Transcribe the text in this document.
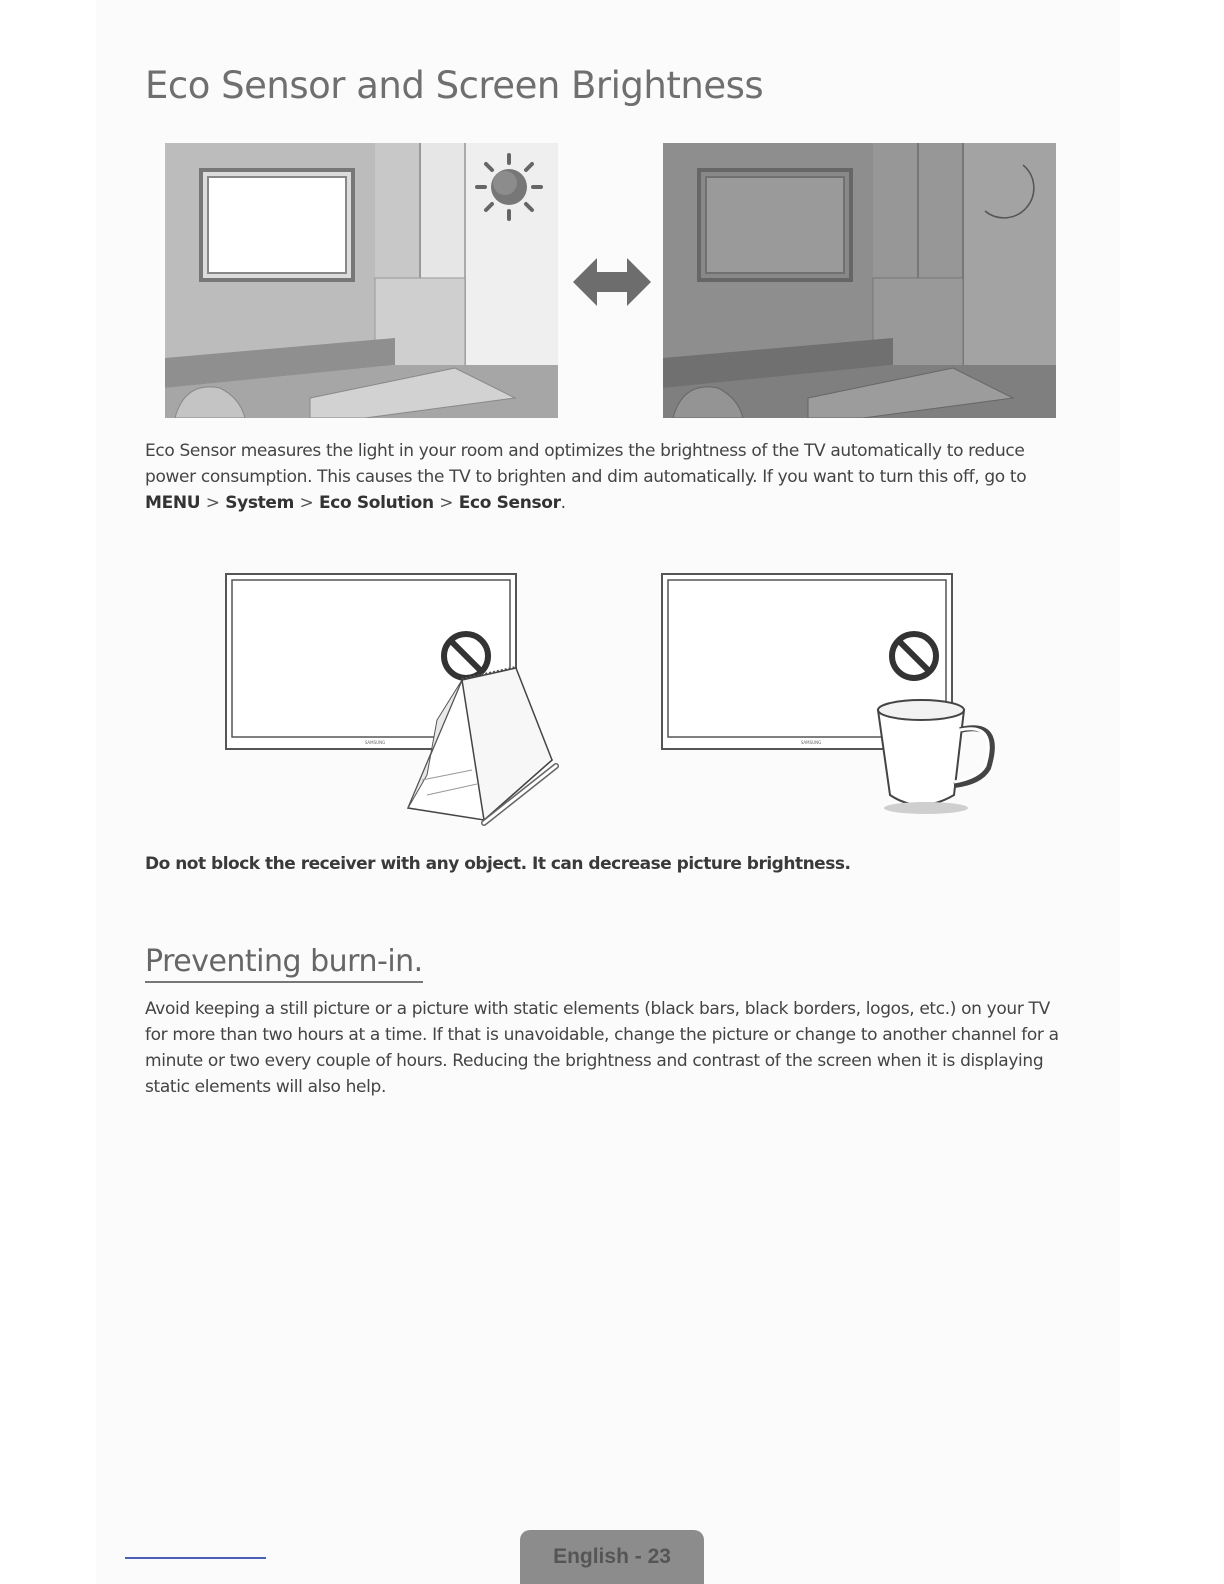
Eco Sensor and Screen Brightness

Eco Sensor measures the light in your room and optimizes the brightness of the TV automatically to reduce power consumption. This causes the TV to brighten and dim automatically. If you want to turn this off, go to MENU > System > Eco Solution > Eco Sensor.

SAMSUNG	SAMSUNG

Do not block the receiver with any object. It can decrease picture brightness.

Preventing burn-in.

Avoid keeping a still picture or a picture with static elements (black bars, black borders, logos, etc.) on your TV for more than two hours at a time. If that is unavoidable, change the picture or change to another channel for a minute or two every couple of hours. Reducing the brightness and contrast of the screen when it is displaying static elements will also help.

English - 23
